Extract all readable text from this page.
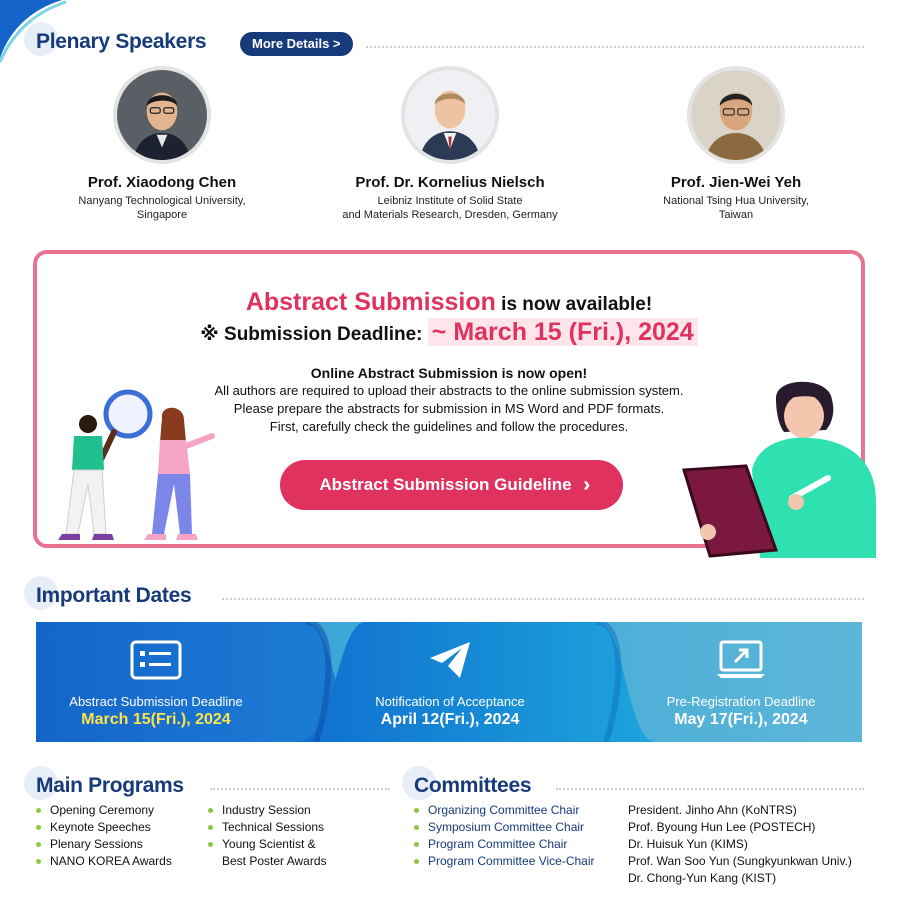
Plenary Speakers	More Details >
Prof. Xiaodong Chen
Nanyang Technological University,
Singapore
Prof. Dr. Kornelius Nielsch
Leibniz Institute of Solid State
and Materials Research, Dresden, Germany
Prof. Jien-Wei Yeh
National Tsing Hua University,
Taiwan
Abstract Submission is now available!
※ Submission Deadline: ~ March 15 (Fri.), 2024
Online Abstract Submission is now open!
All authors are required to upload their abstracts to the online submission system.
Please prepare the abstracts for submission in MS Word and PDF formats.
First, carefully check the guidelines and follow the procedures.
Abstract Submission Guideline
Important Dates
Abstract Submission Deadline
March 15(Fri.), 2024
Notification of Acceptance
April 12(Fri.), 2024
Pre-Registration Deadline
May 17(Fri.), 2024
Main Programs
Opening Ceremony
Keynote Speeches
Plenary Sessions
NANO KOREA Awards
Industry Session
Technical Sessions
Young Scientist &
Best Poster Awards
Committees
Organizing Committee Chair
Symposium Committee Chair
Program Committee Chair
Program Committee Vice-Chair
President. Jinho Ahn (KoNTRS)
Prof. Byoung Hun Lee (POSTECH)
Dr. Huisuk Yun (KIMS)
Prof. Wan Soo Yun (Sungkyunkwan Univ.)
Dr. Chong-Yun Kang (KIST)
